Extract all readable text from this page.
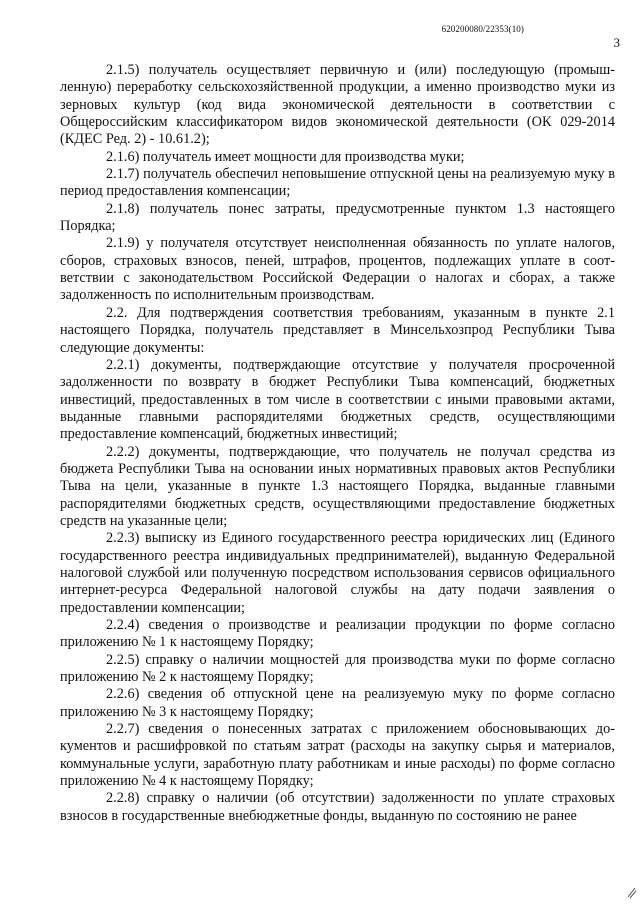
620200080/22353(10)
3

2.1.5) получатель осуществляет первичную и (или) последующую (промышленную) переработку сельскохозяйственной продукции, а именно производство муки из зерновых культур (код вида экономической деятельности в соответствии с Общероссийским классификатором видов экономической деятельности (ОК 029-2014 (КДЕС Ред. 2) - 10.61.2);

2.1.6) получатель имеет мощности для производства муки;

2.1.7) получатель обеспечил неповышение отпускной цены на реализуемую муку в период предоставления компенсации;

2.1.8) получатель понес затраты, предусмотренные пунктом 1.3 настоящего Порядка;

2.1.9) у получателя отсутствует неисполненная обязанность по уплате налогов, сборов, страховых взносов, пеней, штрафов, процентов, подлежащих уплате в соответствии с законодательством Российской Федерации о налогах и сборах, а также задолженность по исполнительным производствам.

2.2. Для подтверждения соответствия требованиям, указанным в пункте 2.1 настоящего Порядка, получатель представляет в Минсельхозпрод Республики Тыва следующие документы:

2.2.1) документы, подтверждающие отсутствие у получателя просроченной задолженности по возврату в бюджет Республики Тыва компенсаций, бюджетных инвестиций, предоставленных в том числе в соответствии с иными правовыми актами, выданные главными распорядителями бюджетных средств, осуществляющими предоставление компенсаций, бюджетных инвестиций;

2.2.2) документы, подтверждающие, что получатель не получал средства из бюджета Республики Тыва на основании иных нормативных правовых актов Республики Тыва на цели, указанные в пункте 1.3 настоящего Порядка, выданные главными распорядителями бюджетных средств, осуществляющими предоставление бюджетных средств на указанные цели;

2.2.3) выписку из Единого государственного реестра юридических лиц (Единого государственного реестра индивидуальных предпринимателей), выданную Федеральной налоговой службой или полученную посредством использования сервисов официального интернет-ресурса Федеральной налоговой службы на дату подачи заявления о предоставлении компенсации;

2.2.4) сведения о производстве и реализации продукции по форме согласно приложению № 1 к настоящему Порядку;

2.2.5) справку о наличии мощностей для производства муки по форме согласно приложению № 2 к настоящему Порядку;

2.2.6) сведения об отпускной цене на реализуемую муку по форме согласно приложению № 3 к настоящему Порядку;

2.2.7) сведения о понесенных затратах с приложением обосновывающих документов и расшифровкой по статьям затрат (расходы на закупку сырья и материалов, коммунальные услуги, заработную плату работникам и иные расходы) по форме согласно приложению № 4 к настоящему Порядку;

2.2.8) справку о наличии (об отсутствии) задолженности по уплате страховых взносов в государственные внебюджетные фонды, выданную по состоянию не ранее
